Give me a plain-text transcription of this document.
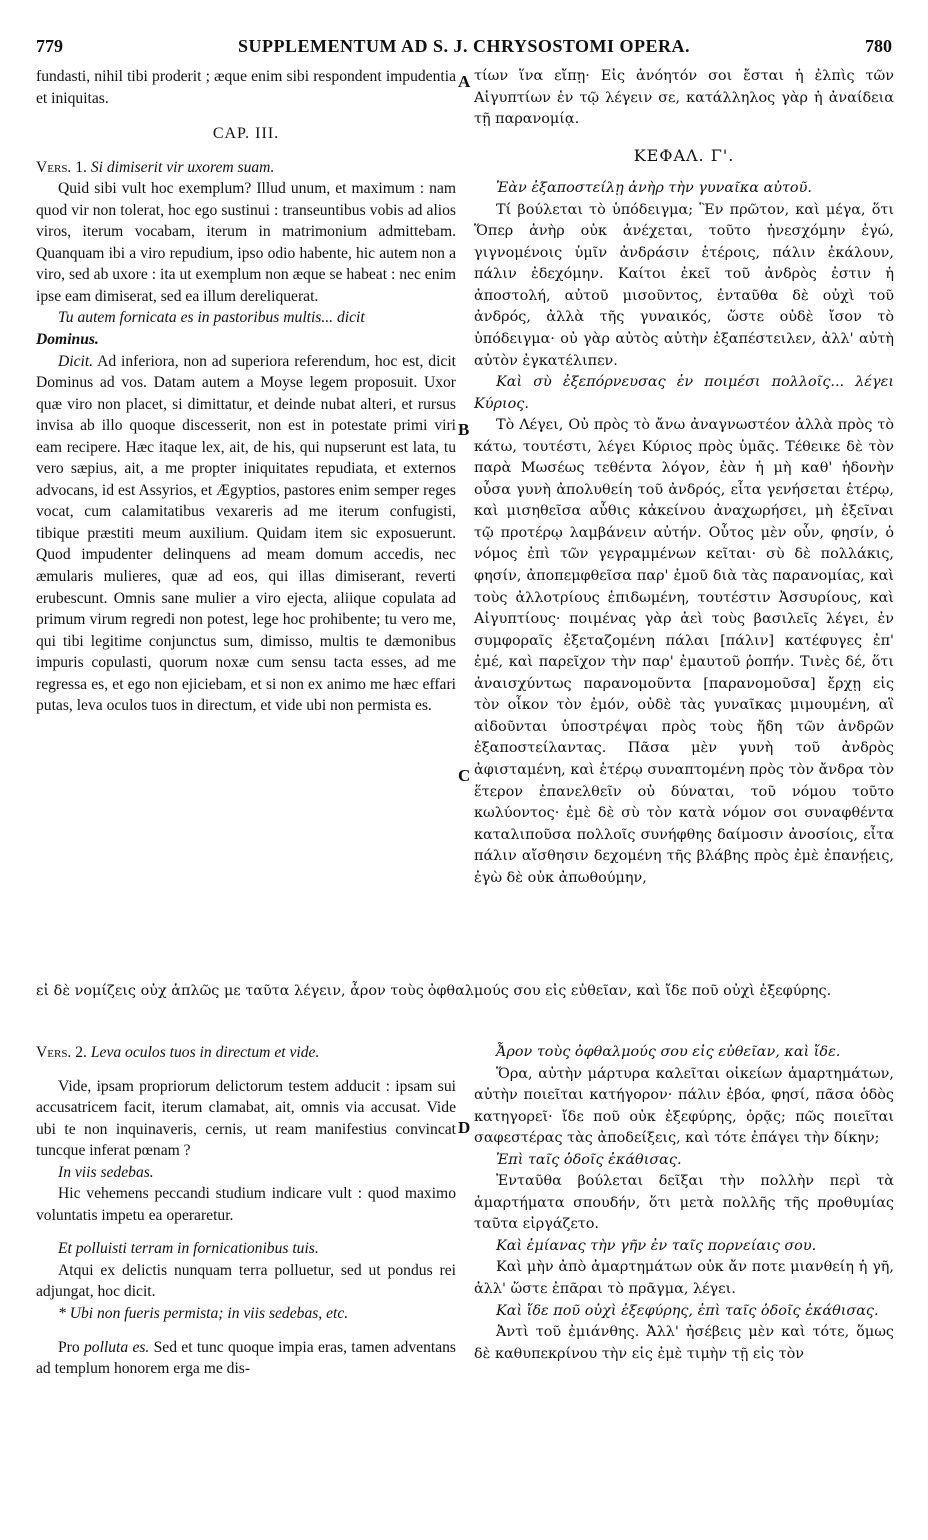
779	SUPPLEMENTUM AD S. J. CHRYSOSTOMI OPERA.	780
A
B
C
D

fundasti, nihil tibi proderit ; æque enim sibi respondent impudentia et iniquitas.

CAP. III.

Vers. 1. Si dimiserit vir uxorem suam.

Quid sibi vult hoc exemplum? Illud unum, et maximum : nam quod vir non tolerat, hoc ego sustinui : transeuntibus vobis ad alios viros, iterum vocabam, iterum in matrimonium admittebam. Quanquam ibi a viro repudium, ipso odio habente, hic autem non a viro, sed ab uxore : ita ut exemplum non æque se habeat : nec enim ipse eam dimiserat, sed ea illum dereliquerat.

Tu autem fornicata es in pastoribus multis... dicit

Dominus.

Dicit. Ad inferiora, non ad superiora referendum, hoc est, dicit Dominus ad vos. Datam autem a Moyse legem proposuit. Uxor quæ viro non placet, si dimittatur, et deinde nubat alteri, et rursus invisa ab illo quoque discesserit, non est in potestate primi viri eam recipere. Hæc itaque lex, ait, de his, qui nupserunt est lata, tu vero sæpius, ait, a me propter iniquitates repudiata, et externos advocans, id est Assyrios, et Ægyptios, pastores enim semper reges vocat, cum calamitatibus vexareris ad me iterum confugisti, tibique præstiti meum auxilium. Quidam item sic exposuerunt. Quod impudenter delinquens ad meam domum accedis, nec æmularis mulieres, quæ ad eos, qui illas dimiserant, reverti erubescunt. Omnis sane mulier a viro ejecta, aliique copulata ad primum virum regredi non potest, lege hoc prohibente; tu vero me, qui tibi legitime conjunctus sum, dimisso, multis te dæmonibus impuris copulasti, quorum noxæ cum sensu tacta esses, ad me regressa es, et ego non ejiciebam, et si non ex animo me hæc effari putas, leva oculos tuos in directum, et vide ubi non permista es.

εἰ δὲ νομίζεις οὐχ ἁπλῶς με ταῦτα λέγειν, ἆρον τοὺς ὀφθαλμούς σου εἰς εὐθεῖαν, καὶ ἴδε ποῦ οὐχὶ ἐξεφύρης.

Vers. 2. Leva oculos tuos in directum et vide.

Vide, ipsam propriorum delictorum testem adducit : ipsam sui accusatricem facit, iterum clamabat, ait, omnis via accusat. Vide ubi te non inquinaveris, cernis, ut ream manifestius convincat tuncque inferat pœnam ?

In viis sedebas.

Hic vehemens peccandi studium indicare vult : quod maximo voluntatis impetu ea operaretur.

Et polluisti terram in fornicationibus tuis.

Atqui ex delictis nunquam terra polluetur, sed ut pondus rei adjungat, hoc dicit.

* Ubi non fueris permista; in viis sedebas, etc.

Pro polluta es. Sed et tunc quoque impia eras, tamen adventans ad templum honorem erga me dis-

τίων ἵνα εἴπῃ· Εἰς ἀνόητόν σοι ἔσται ἡ ἐλπὶς τῶν Αἰγυπτίων ἐν τῷ λέγειν σε, κατάλληλος γὰρ ἡ ἀναίδεια τῇ παρανομίᾳ.

ΚΕΦΑΛ. Γ'.

Ἐὰν ἐξαποστείλῃ ἀνὴρ τὴν γυναῖκα αὐτοῦ.

Τί βούλεται τὸ ὑπόδειγμα; Ἓν πρῶτον, καὶ μέγα, ὅτι Ὅπερ ἀνὴρ οὐκ ἀνέχεται, τοῦτο ἠνεσχόμην ἐγώ, γιγνομένοις ὑμῖν ἀνδράσιν ἑτέροις, πάλιν ἐκάλουν, πάλιν ἐδεχόμην. Καίτοι ἐκεῖ τοῦ ἀνδρὸς ἐστιν ἡ ἀποστολή, αὐτοῦ μισοῦντος, ἐνταῦθα δὲ οὐχὶ τοῦ ἀνδρός, ἀλλὰ τῆς γυναικός, ὥστε οὐδὲ ἴσον τὸ ὑπόδειγμα· οὐ γὰρ αὐτὸς αὐτὴν ἐξαπέστειλεν, ἀλλ' αὐτὴ αὐτὸν ἐγκατέλιπεν.

Καὶ σὺ ἐξεπόρνευσας ἐν ποιμέσι πολλοῖς... λέγει Κύριος.

Τὸ Λέγει, Οὐ πρὸς τὸ ἄνω ἀναγνωστέον ἀλλὰ πρὸς τὸ κάτω, τουτέστι, λέγει Κύριος πρὸς ὑμᾶς. Τέθεικε δὲ τὸν παρὰ Μωσέως τεθέντα λόγον, ἐὰν ἡ μὴ καθ' ἡδονὴν οὖσα γυνὴ ἀπολυθείη τοῦ ἀνδρός, εἶτα γενήσεται ἑτέρῳ, καὶ μισηθεῖσα αὖθις κἀκείνου ἀναχωρήσει, μὴ ἐξεῖναι τῷ προτέρῳ λαμβάνειν αὐτήν. Οὗτος μὲν οὖν, φησίν, ὁ νόμος ἐπὶ τῶν γεγραμμένων κεῖται· σὺ δὲ πολλάκις, φησίν, ἀποπεμφθεῖσα παρ' ἐμοῦ διὰ τὰς παρανομίας, καὶ τοὺς ἀλλοτρίους ἐπιδωμένη, τουτέστιν Ἀσσυρίους, καὶ Αἰγυπτίους· ποιμένας γὰρ ἀεὶ τοὺς βασιλεῖς λέγει, ἐν συμφοραῖς ἐξεταζομένη πάλαι [πάλιν] κατέφυγες ἐπ' ἐμέ, καὶ παρεῖχον τὴν παρ' ἐμαυτοῦ ῥοπήν. Τινὲς δέ, ὅτι ἀναισχύντως παρανομοῦντα [παρανομοῦσα] ἔρχῃ εἰς τὸν οἶκον τὸν ἐμόν, οὐδὲ τὰς γυναῖκας μιμουμένη, αἳ αἰδοῦνται ὑποστρέψαι πρὸς τοὺς ἤδη τῶν ἀνδρῶν ἐξαποστείλαντας. Πᾶσα μὲν γυνὴ τοῦ ἀνδρὸς ἀφισταμένη, καὶ ἑτέρῳ συναπτομένη πρὸς τὸν ἄνδρα τὸν ἕτερον ἐπανελθεῖν οὐ δύναται, τοῦ νόμου τοῦτο κωλύοντος· ἐμὲ δὲ σὺ τὸν κατὰ νόμον σοι συναφθέντα καταλιποῦσα πολλοῖς συνήφθης δαίμοσιν ἀνοσίοις, εἶτα πάλιν αἴσθησιν δεχομένη τῆς βλάβης πρὸς ἐμὲ ἐπανῄεις, ἐγὼ δὲ οὐκ ἀπωθούμην,

Ἆρον τοὺς ὀφθαλμούς σου εἰς εὐθεῖαν, καὶ ἴδε.

Ὅρα, αὐτὴν μάρτυρα καλεῖται οἰκείων ἁμαρτημάτων, αὐτὴν ποιεῖται κατήγορον· πάλιν ἐβόα, φησί, πᾶσα ὁδὸς κατηγορεῖ· ἴδε ποῦ οὐκ ἐξεφύρης, ὁρᾷς; πῶς ποιεῖται σαφεστέρας τὰς ἀποδείξεις, καὶ τότε ἐπάγει τὴν δίκην;

Ἐπὶ ταῖς ὁδοῖς ἐκάθισας.

Ἐνταῦθα βούλεται δεῖξαι τὴν πολλὴν περὶ τὰ ἁμαρτήματα σπουδήν, ὅτι μετὰ πολλῆς τῆς προθυμίας ταῦτα εἰργάζετο.

Καὶ ἐμίανας τὴν γῆν ἐν ταῖς πορνείαις σου.

Καὶ μὴν ἀπὸ ἁμαρτημάτων οὐκ ἄν ποτε μιανθείη ἡ γῆ, ἀλλ' ὥστε ἐπᾶραι τὸ πρᾶγμα, λέγει.

Καὶ ἴδε ποῦ οὐχὶ ἐξεφύρης, ἐπὶ ταῖς ὁδοῖς ἐκάθισας.

Ἀντὶ τοῦ ἐμιάνθης. Ἀλλ' ἠσέβεις μὲν καὶ τότε, ὅμως δὲ καθυπεκρίνου τὴν εἰς ἐμὲ τιμὴν τῇ εἰς τὸν
